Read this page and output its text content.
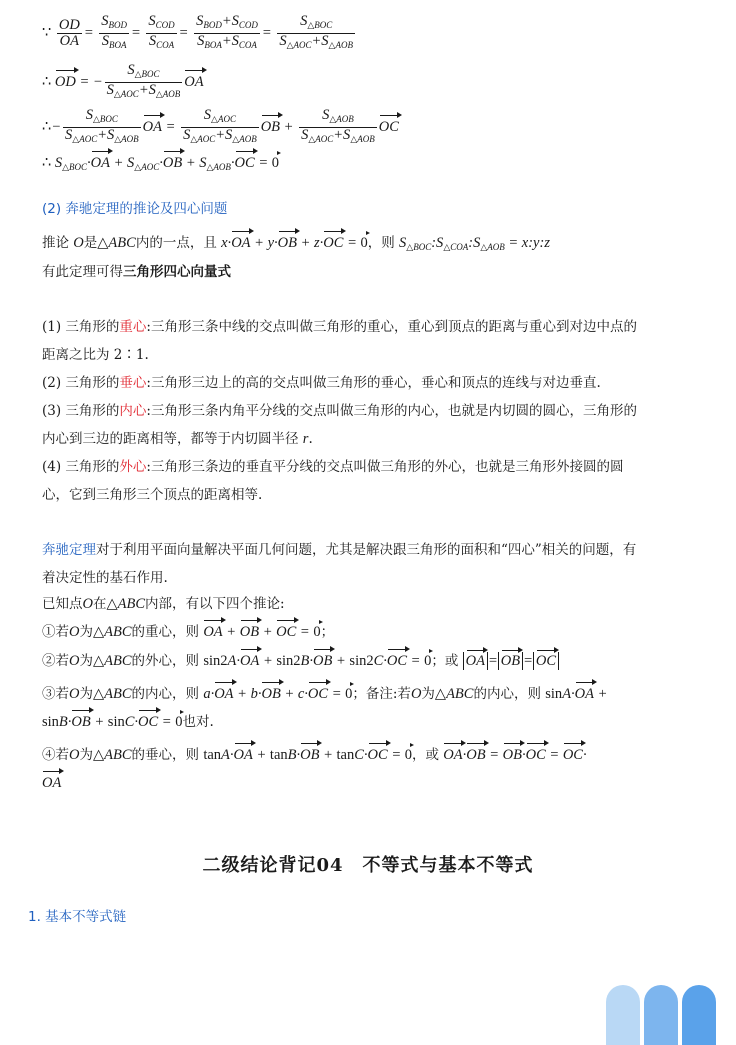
∵ $\frac{OD}{OA} = \frac{S_{BOD}}{S_{BOA}} = \frac{S_{COD}}{S_{COA}} = \frac{S_{BOD}+S_{COD}}{S_{BOA}+S_{COA}} = \frac{S_{\triangle BOC}}{S_{\triangle AOC}+S_{\triangle AOB}}$
∴ OD = − $\frac{S_{\triangle BOC}}{S_{\triangle AOC}+S_{\triangle AOB}}$ OA
∴− $\frac{S_{\triangle BOC}}{S_{\triangle AOC}+S_{\triangle AOB}}$ OA = $\frac{S_{\triangle AOC}}{S_{\triangle AOC}+S_{\triangle AOB}}$ OB + $\frac{S_{\triangle AOB}}{S_{\triangle AOC}+S_{\triangle AOB}}$ OC
∴ $S_{\triangle BOC}\cdot OA + S_{\triangle AOC}\cdot OB + S_{\triangle AOB}\cdot OC = 0$
(2) 奔驰定理的推论及四心问题
推论 O是△ABC内的一点，且 x·OA + y·OB + z·OC = 0，则 $S_{\triangle BOC}:S_{\triangle COA}:S_{\triangle AOB}$ = x:y:z
有此定理可得三角形四心向量式
(1) 三角形的重心:三角形三条中线的交点叫做三角形的重心，重心到顶点的距离与重心到对边中点的
距离之比为 2∶1.
(2) 三角形的垂心:三角形三边上的高的交点叫做三角形的垂心，垂心和顶点的连线与对边垂直.
(3) 三角形的内心:三角形三条内角平分线的交点叫做三角形的内心，也就是内切圆的圆心，三角形的
内心到三边的距离相等，都等于内切圆半径 r.
(4) 三角形的外心:三角形三条边的垂直平分线的交点叫做三角形的外心，也就是三角形外接圆的圆
心，它到三角形三个顶点的距离相等.
奔驰定理对于利用平面向量解决平面几何问题，尤其是解决跟三角形的面积和“四心”相关的问题，有
着决定性的基石作用.
已知点O在△ABC内部，有以下四个推论:
①若O为△ABC的重心，则 OA + OB + OC = 0；
②若O为△ABC的外心，则 sin2A·OA + sin2B·OB + sin2C·OC = 0；或 OA = OB = OC
③若O为△ABC的内心，则 a·OA + b·OB + c·OC = 0；备注:若O为△ABC的内心，则 sinA·OA +
sinB·OB + sinC·OC = 0也对.
④若O为△ABC的垂心，则 tanA·OA + tanB·OB + tanC·OC = 0，或 OA·OB = OB·OC = OC·
OA
二级结论背记04　不等式与基本不等式
1. 基本不等式链
